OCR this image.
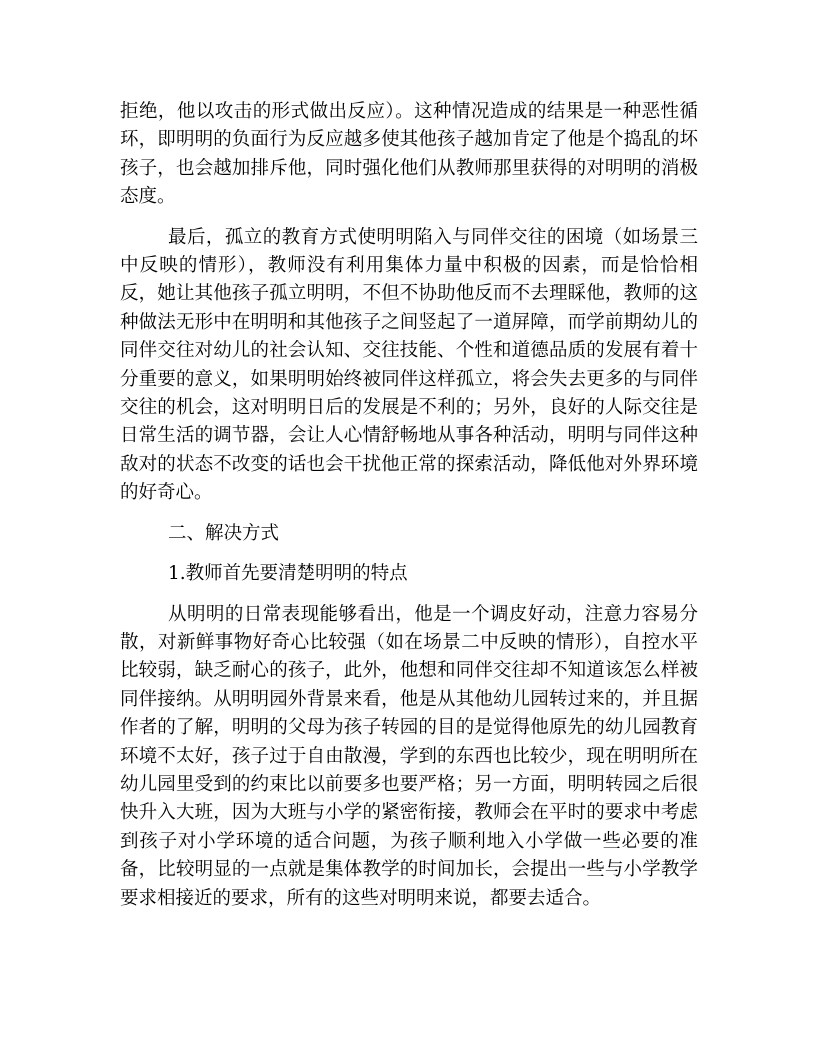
拒绝，他以攻击的形式做出反应）。这种情况造成的结果是一种恶性循环，即明明的负面行为反应越多使其他孩子越加肯定了他是个捣乱的坏孩子，也会越加排斥他，同时强化他们从教师那里获得的对明明的消极态度。

最后，孤立的教育方式使明明陷入与同伴交往的困境（如场景三中反映的情形），教师没有利用集体力量中积极的因素，而是恰恰相反，她让其他孩子孤立明明，不但不协助他反而不去理睬他，教师的这种做法无形中在明明和其他孩子之间竖起了一道屏障，而学前期幼儿的同伴交往对幼儿的社会认知、交往技能、个性和道德品质的发展有着十分重要的意义，如果明明始终被同伴这样孤立，将会失去更多的与同伴交往的机会，这对明明日后的发展是不利的；另外，良好的人际交往是日常生活的调节器，会让人心情舒畅地从事各种活动，明明与同伴这种敌对的状态不改变的话也会干扰他正常的探索活动，降低他对外界环境的好奇心。

二、解决方式

1.教师首先要清楚明明的特点

从明明的日常表现能够看出，他是一个调皮好动，注意力容易分散，对新鲜事物好奇心比较强（如在场景二中反映的情形），自控水平比较弱，缺乏耐心的孩子，此外，他想和同伴交往却不知道该怎么样被同伴接纳。从明明园外背景来看，他是从其他幼儿园转过来的，并且据作者的了解，明明的父母为孩子转园的目的是觉得他原先的幼儿园教育环境不太好，孩子过于自由散漫，学到的东西也比较少，现在明明所在幼儿园里受到的约束比以前要多也要严格；另一方面，明明转园之后很快升入大班，因为大班与小学的紧密衔接，教师会在平时的要求中考虑到孩子对小学环境的适合问题，为孩子顺利地入小学做一些必要的准备，比较明显的一点就是集体教学的时间加长，会提出一些与小学教学要求相接近的要求，所有的这些对明明来说，都要去适合。
